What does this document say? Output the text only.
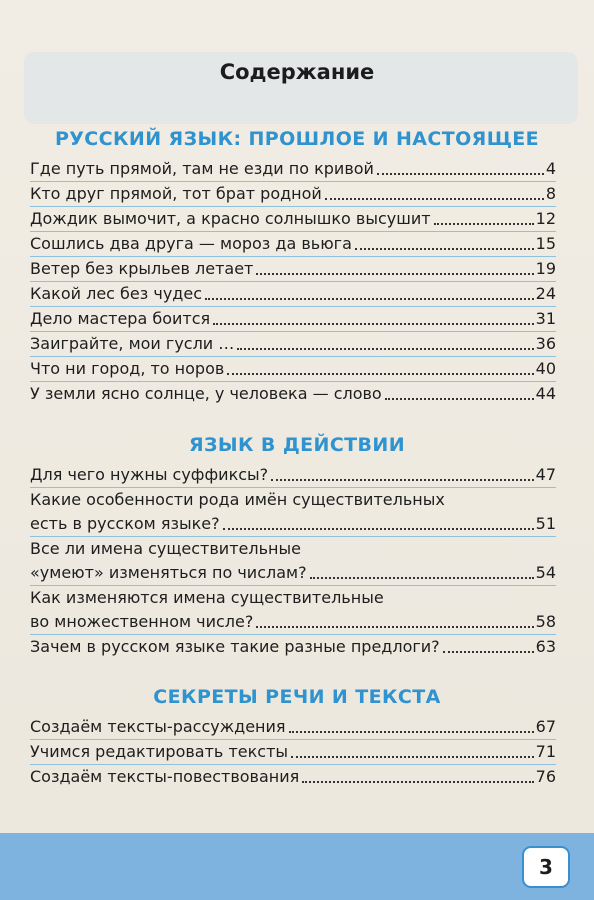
Содержание
РУССКИЙ ЯЗЫК: ПРОШЛОЕ И НАСТОЯЩЕЕ
Где путь прямой, там не езди по кривой	4
Кто друг прямой, тот брат родной	8
Дождик вымочит, а красно солнышко высушит	12
Сошлись два друга — мороз да вьюга	15
Ветер без крыльев летает	19
Какой лес без чудес	24
Дело мастера боится	31
Заиграйте, мои гусли …	36
Что ни город, то норов	40
У земли ясно солнце, у человека — слово	44
ЯЗЫК В ДЕЙСТВИИ
Для чего нужны суффиксы?	47
Какие особенности рода имён существительных
есть в русском языке?	51
Все ли имена существительные
«умеют» изменяться по числам?	54
Как изменяются имена существительные
во множественном числе?	58
Зачем в русском языке такие разные предлоги?	63
СЕКРЕТЫ РЕЧИ И ТЕКСТА
Создаём тексты-рассуждения	67
Учимся редактировать тексты	71
Создаём тексты-повествования	76
3
